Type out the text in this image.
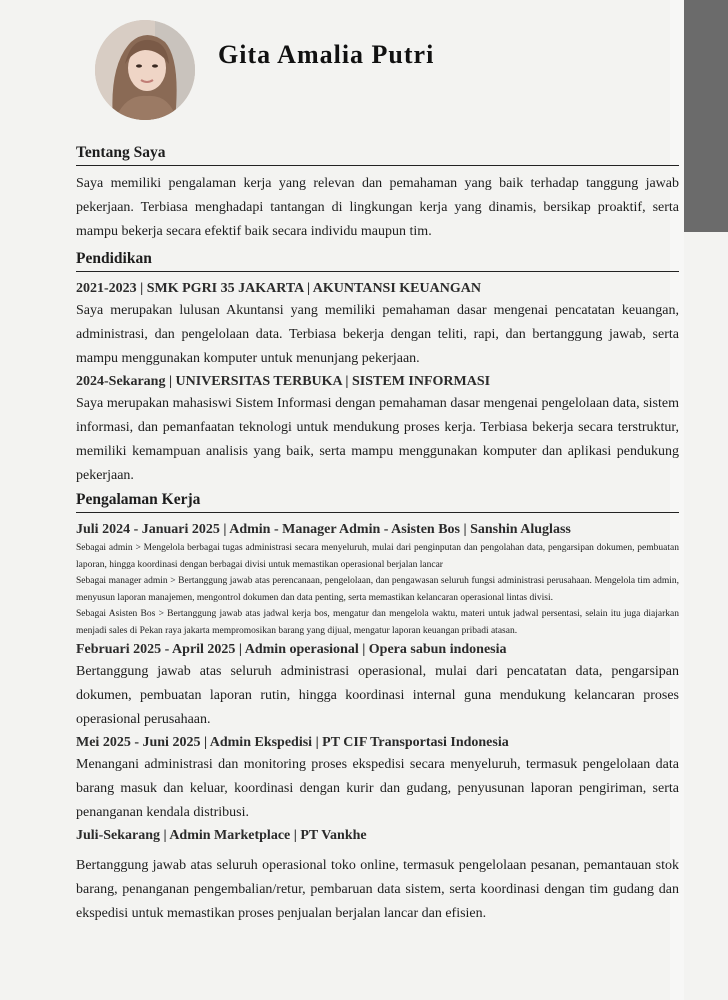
Gita Amalia Putri
Tentang Saya

Saya memiliki pengalaman kerja yang relevan dan pemahaman yang baik terhadap tanggung jawab pekerjaan. Terbiasa menghadapi tantangan di lingkungan kerja yang dinamis, bersikap proaktif, serta mampu bekerja secara efektif baik secara individu maupun tim.

Pendidikan
2021-2023 | SMK PGRI 35 JAKARTA | AKUNTANSI KEUANGAN

Saya merupakan lulusan Akuntansi yang memiliki pemahaman dasar mengenai pencatatan keuangan, administrasi, dan pengelolaan data. Terbiasa bekerja dengan teliti, rapi, dan bertanggung jawab, serta mampu menggunakan komputer untuk menunjang pekerjaan.

2024-Sekarang | UNIVERSITAS TERBUKA | SISTEM INFORMASI

Saya merupakan mahasiswi Sistem Informasi dengan pemahaman dasar mengenai pengelolaan data, sistem informasi, dan pemanfaatan teknologi untuk mendukung proses kerja. Terbiasa bekerja secara terstruktur, memiliki kemampuan analisis yang baik, serta mampu menggunakan komputer dan aplikasi pendukung pekerjaan.

Pengalaman Kerja
Juli 2024 - Januari 2025 | Admin - Manager Admin - Asisten Bos | Sanshin Aluglass

Sebagai admin > Mengelola berbagai tugas administrasi secara menyeluruh, mulai dari penginputan dan pengolahan data, pengarsipan dokumen, pembuatan laporan, hingga koordinasi dengan berbagai divisi untuk memastikan operasional berjalan lancar

Sebagai manager admin > Bertanggung jawab atas perencanaan, pengelolaan, dan pengawasan seluruh fungsi administrasi perusahaan. Mengelola tim admin, menyusun laporan manajemen, mengontrol dokumen dan data penting, serta memastikan kelancaran operasional lintas divisi.

Sebagai Asisten Bos > Bertanggung jawab atas jadwal kerja bos, mengatur dan mengelola waktu, materi untuk jadwal persentasi, selain itu juga diajarkan menjadi sales di Pekan raya jakarta mempromosikan barang yang dijual, mengatur laporan keuangan pribadi atasan.

Februari 2025 - April 2025 | Admin operasional | Opera sabun indonesia

Bertanggung jawab atas seluruh administrasi operasional, mulai dari pencatatan data, pengarsipan dokumen, pembuatan laporan rutin, hingga koordinasi internal guna mendukung kelancaran proses operasional perusahaan.

Mei 2025 - Juni 2025 | Admin Ekspedisi | PT CIF Transportasi Indonesia

Menangani administrasi dan monitoring proses ekspedisi secara menyeluruh, termasuk pengelolaan data barang masuk dan keluar, koordinasi dengan kurir dan gudang, penyusunan laporan pengiriman, serta penanganan kendala distribusi.

Juli-Sekarang | Admin Marketplace | PT Vankhe

Bertanggung jawab atas seluruh operasional toko online, termasuk pengelolaan pesanan, pemantauan stok barang, penanganan pengembalian/retur, pembaruan data sistem, serta koordinasi dengan tim gudang dan ekspedisi untuk memastikan proses penjualan berjalan lancar dan efisien.
